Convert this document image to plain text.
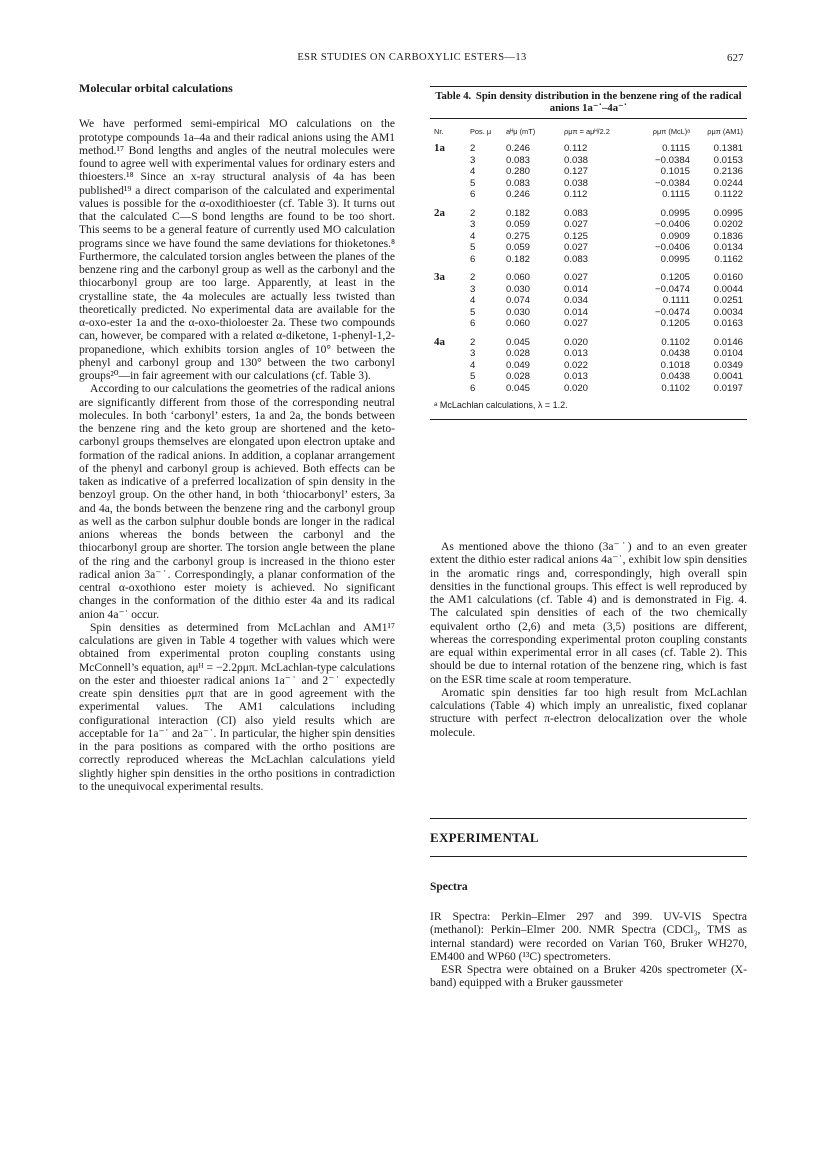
ESR STUDIES ON CARBOXYLIC ESTERS—13	627
Molecular orbital calculations

We have performed semi-empirical MO calculations on the prototype compounds 1a–4a and their radical anions using the AM1 method.¹⁷ Bond lengths and angles of the neutral molecules were found to agree well with experimental values for ordinary esters and thioesters.¹⁸ Since an x-ray structural analysis of 4a has been published¹⁹ a direct comparison of the calculated and experimental values is possible for the α-oxodithioester (cf. Table 3). It turns out that the calculated C—S bond lengths are found to be too short. This seems to be a general feature of currently used MO calculation programs since we have found the same deviations for thioketones.⁸ Furthermore, the calculated torsion angles between the planes of the benzene ring and the carbonyl group as well as the carbonyl and the thiocarbonyl group are too large. Apparently, at least in the crystalline state, the 4a molecules are actually less twisted than theoretically predicted. No experimental data are available for the α-oxo-ester 1a and the α-oxo-thioloester 2a. These two compounds can, however, be compared with a related α-diketone, 1-phenyl-1,2-propanedione, which exhibits torsion angles of 10° between the phenyl and carbonyl group and 130° between the two carbonyl groups²⁰—in fair agreement with our calculations (cf. Table 3).

According to our calculations the geometries of the radical anions are significantly different from those of the corresponding neutral molecules. In both ‘carbonyl’ esters, 1a and 2a, the bonds between the benzene ring and the keto group are shortened and the keto-carbonyl groups themselves are elongated upon electron uptake and formation of the radical anions. In addition, a coplanar arrangement of the phenyl and carbonyl group is achieved. Both effects can be taken as indicative of a preferred localization of spin density in the benzoyl group. On the other hand, in both ‘thiocarbonyl’ esters, 3a and 4a, the bonds between the benzene ring and the carbonyl group as well as the carbon sulphur double bonds are longer in the radical anions whereas the bonds between the carbonyl and the thiocarbonyl group are shorter. The torsion angle between the plane of the ring and the carbonyl group is increased in the thiono ester radical anion 3a⁻˙. Correspondingly, a planar conformation of the central α-oxothiono ester moiety is achieved. No significant changes in the conformation of the dithio ester 4a and its radical anion 4a⁻˙ occur.

Spin densities as determined from McLachlan and AM1¹⁷ calculations are given in Table 4 together with values which were obtained from experimental proton coupling constants using McConnell’s equation, aμᴴ = −2.2ρμπ. McLachlan-type calculations on the ester and thioester radical anions 1a⁻˙ and 2⁻˙ expectedly create spin densities ρμπ that are in good agreement with the experimental values. The AM1 calculations including configurational interaction (CI) also yield results which are acceptable for 1a⁻˙ and 2a⁻˙. In particular, the higher spin densities in the para positions as compared with the ortho positions are correctly reproduced whereas the McLachlan calculations yield slightly higher spin densities in the ortho positions in contradiction to the unequivocal experimental results.

Table 4. Spin density distribution in the benzene ring of the radical anions 1a⁻˙–4a⁻˙
Nr.	Pos. μ	aᴴμ (mT)	ρμπ = aμᴴ/2.2	ρμπ (McL)ᵃ	ρμπ (AM1)
1a	2	0.246	0.112	0.1115	0.1381
	3	0.083	0.038	−0.0384	0.0153
	4	0.280	0.127	0.1015	0.2136
	5	0.083	0.038	−0.0384	0.0244
	6	0.246	0.112	0.1115	0.1122
2a	2	0.182	0.083	0.0995	0.0995
	3	0.059	0.027	−0.0406	0.0202
	4	0.275	0.125	0.0909	0.1836
	5	0.059	0.027	−0.0406	0.0134
	6	0.182	0.083	0.0995	0.1162
3a	2	0.060	0.027	0.1205	0.0160
	3	0.030	0.014	−0.0474	0.0044
	4	0.074	0.034	0.1111	0.0251
	5	0.030	0.014	−0.0474	0.0034
	6	0.060	0.027	0.1205	0.0163
4a	2	0.045	0.020	0.1102	0.0146
	3	0.028	0.013	0.0438	0.0104
	4	0.049	0.022	0.1018	0.0349
	5	0.028	0.013	0.0438	0.0041
	6	0.045	0.020	0.1102	0.0197
ᵃ McLachlan calculations, λ = 1.2.

As mentioned above the thiono (3a⁻˙) and to an even greater extent the dithio ester radical anions 4a⁻˙, exhibit low spin densities in the aromatic rings and, correspondingly, high overall spin densities in the functional groups. This effect is well reproduced by the AM1 calculations (cf. Table 4) and is demonstrated in Fig. 4. The calculated spin densities of each of the two chemically equivalent ortho (2,6) and meta (3,5) positions are different, whereas the corresponding experimental proton coupling constants are equal within experimental error in all cases (cf. Table 2). This should be due to internal rotation of the benzene ring, which is fast on the ESR time scale at room temperature.

Aromatic spin densities far too high result from McLachlan calculations (Table 4) which imply an unrealistic, fixed coplanar structure with perfect π-electron delocalization over the whole molecule.

EXPERIMENTAL
Spectra

IR Spectra: Perkin–Elmer 297 and 399. UV-VIS Spectra (methanol): Perkin–Elmer 200. NMR Spectra (CDCl₃, TMS as internal standard) were recorded on Varian T60, Bruker WH270, EM400 and WP60 (¹³C) spectrometers.

ESR Spectra were obtained on a Bruker 420s spectrometer (X-band) equipped with a Bruker gaussmeter
